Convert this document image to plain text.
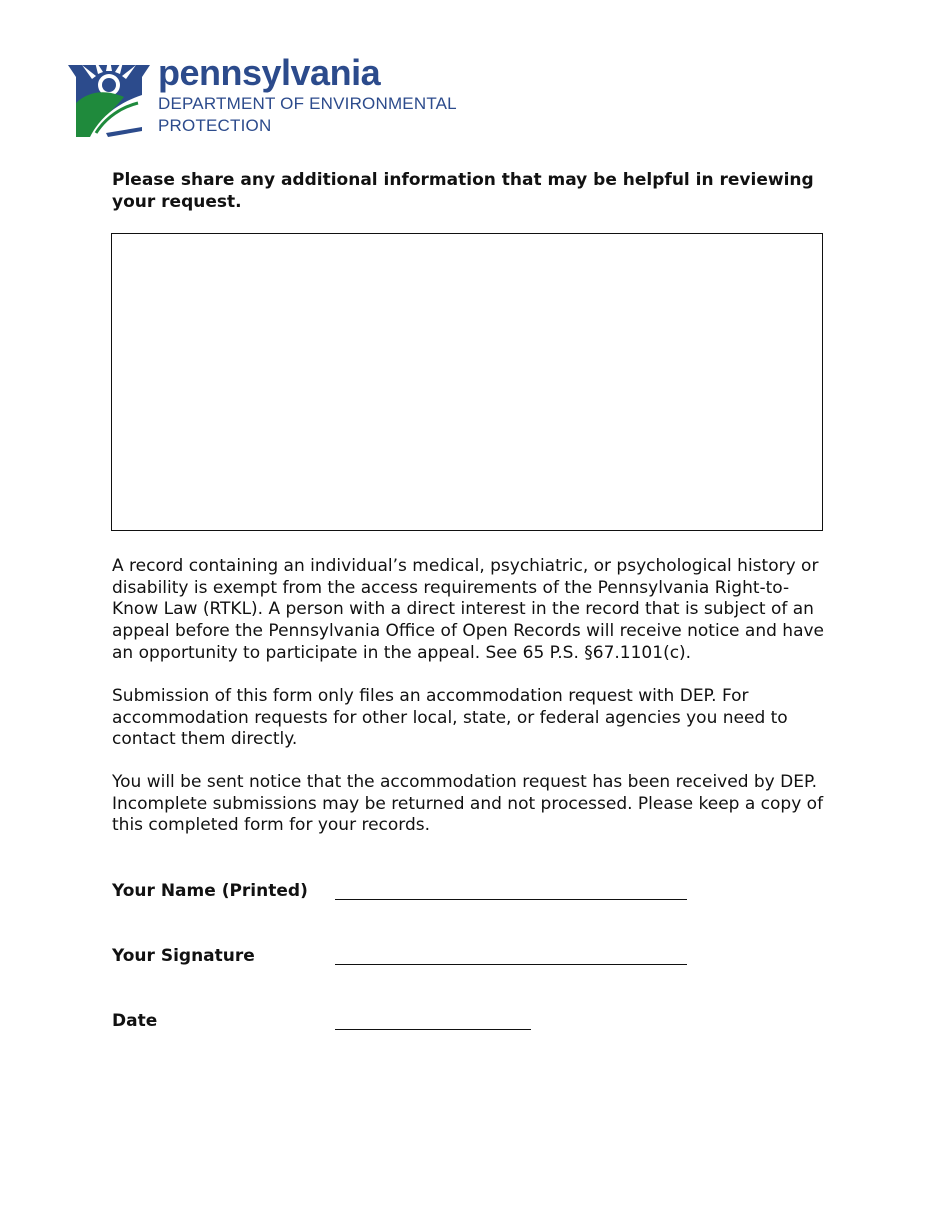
pennsylvania
DEPARTMENT OF ENVIRONMENTAL
PROTECTION

Please share any additional information that may be helpful in reviewing your request.

A record containing an individual’s medical, psychiatric, or psychological history or disability is exempt from the access requirements of the Pennsylvania Right-to-Know Law (RTKL). A person with a direct interest in the record that is subject of an appeal before the Pennsylvania Office of Open Records will receive notice and have an opportunity to participate in the appeal. See 65 P.S. §67.1101(c).

Submission of this form only files an accommodation request with DEP. For accommodation requests for other local, state, or federal agencies you need to contact them directly.

You will be sent notice that the accommodation request has been received by DEP. Incomplete submissions may be returned and not processed. Please keep a copy of this completed form for your records.

Your Name (Printed)
Your Signature
Date
